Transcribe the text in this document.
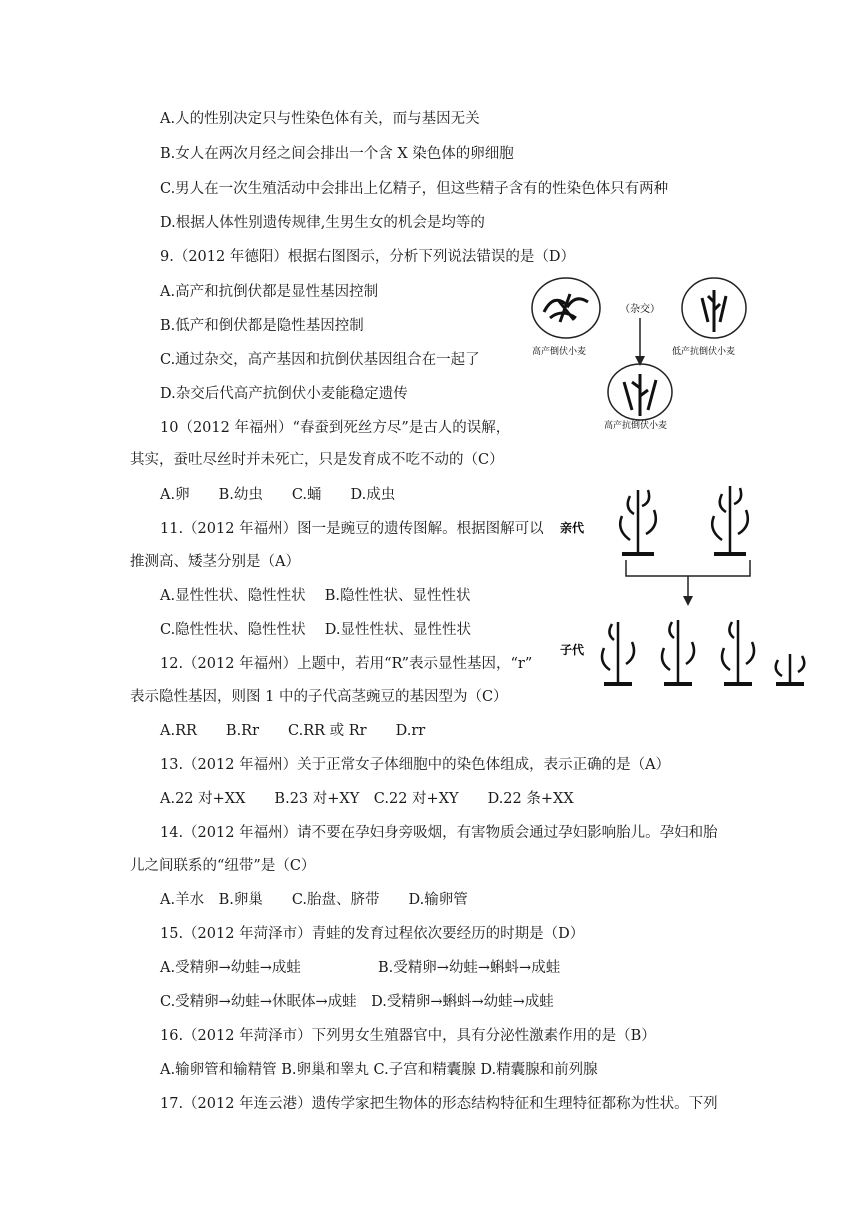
A.人的性别决定只与性染色体有关，而与基因无关
B.女人在两次月经之间会排出一个含 X 染色体的卵细胞
C.男人在一次生殖活动中会排出上亿精子，但这些精子含有的性染色体只有两种
D.根据人体性别遗传规律,生男生女的机会是均等的
9.（2012 年德阳）根据右图图示，分析下列说法错误的是（D）
A.高产和抗倒伏都是显性基因控制
B.低产和倒伏都是隐性基因控制
C.通过杂交，高产基因和抗倒伏基因组合在一起了
D.杂交后代高产抗倒伏小麦能稳定遗传
10（2012 年福州）“春蚕到死丝方尽”是古人的误解，
其实，蚕吐尽丝时并未死亡，只是发育成不吃不动的（C）
A.卵　　B.幼虫　　C.蛹　　D.成虫
11.（2012 年福州）图一是豌豆的遗传图解。根据图解可以
推测高、矮茎分别是（A）
A.显性性状、隐性性状　 B.隐性性状、显性性状
C.隐性性状、隐性性状　 D.显性性状、显性性状
12.（2012 年福州）上题中，若用“R”表示显性基因，“r”
表示隐性基因，则图 1 中的子代高茎豌豆的基因型为（C）
A.RR　　B.Rr　　C.RR 或 Rr　　D.rr
13.（2012 年福州）关于正常女子体细胞中的染色体组成，表示正确的是（A）
A.22 对+XX　　B.23 对+XY　C.22 对+XY　　D.22 条+XX
14.（2012 年福州）请不要在孕妇身旁吸烟，有害物质会通过孕妇影响胎儿。孕妇和胎
儿之间联系的“纽带”是（C）
A.羊水　B.卵巢　　C.胎盘、脐带　　D.输卵管
15.（2012 年菏泽市）青蛙的发育过程依次要经历的时期是（D）
A.受精卵→幼蛙→成蛙　　　　　 B.受精卵→幼蛙→蝌蚪→成蛙
C.受精卵→幼蛙→休眠体→成蛙　D.受精卵→蝌蚪→幼蛙→成蛙
16.（2012 年菏泽市）下列男女生殖器官中，具有分泌性激素作用的是（B）
A.输卵管和输精管 B.卵巢和睾丸 C.子宫和精囊腺 D.精囊腺和前列腺
17.（2012 年连云港）遗传学家把生物体的形态结构特征和生理特征都称为性状。下列
（杂交）
高产倒伏小麦	低产抗倒伏小麦
高产抗倒伏小麦
亲代
子代
